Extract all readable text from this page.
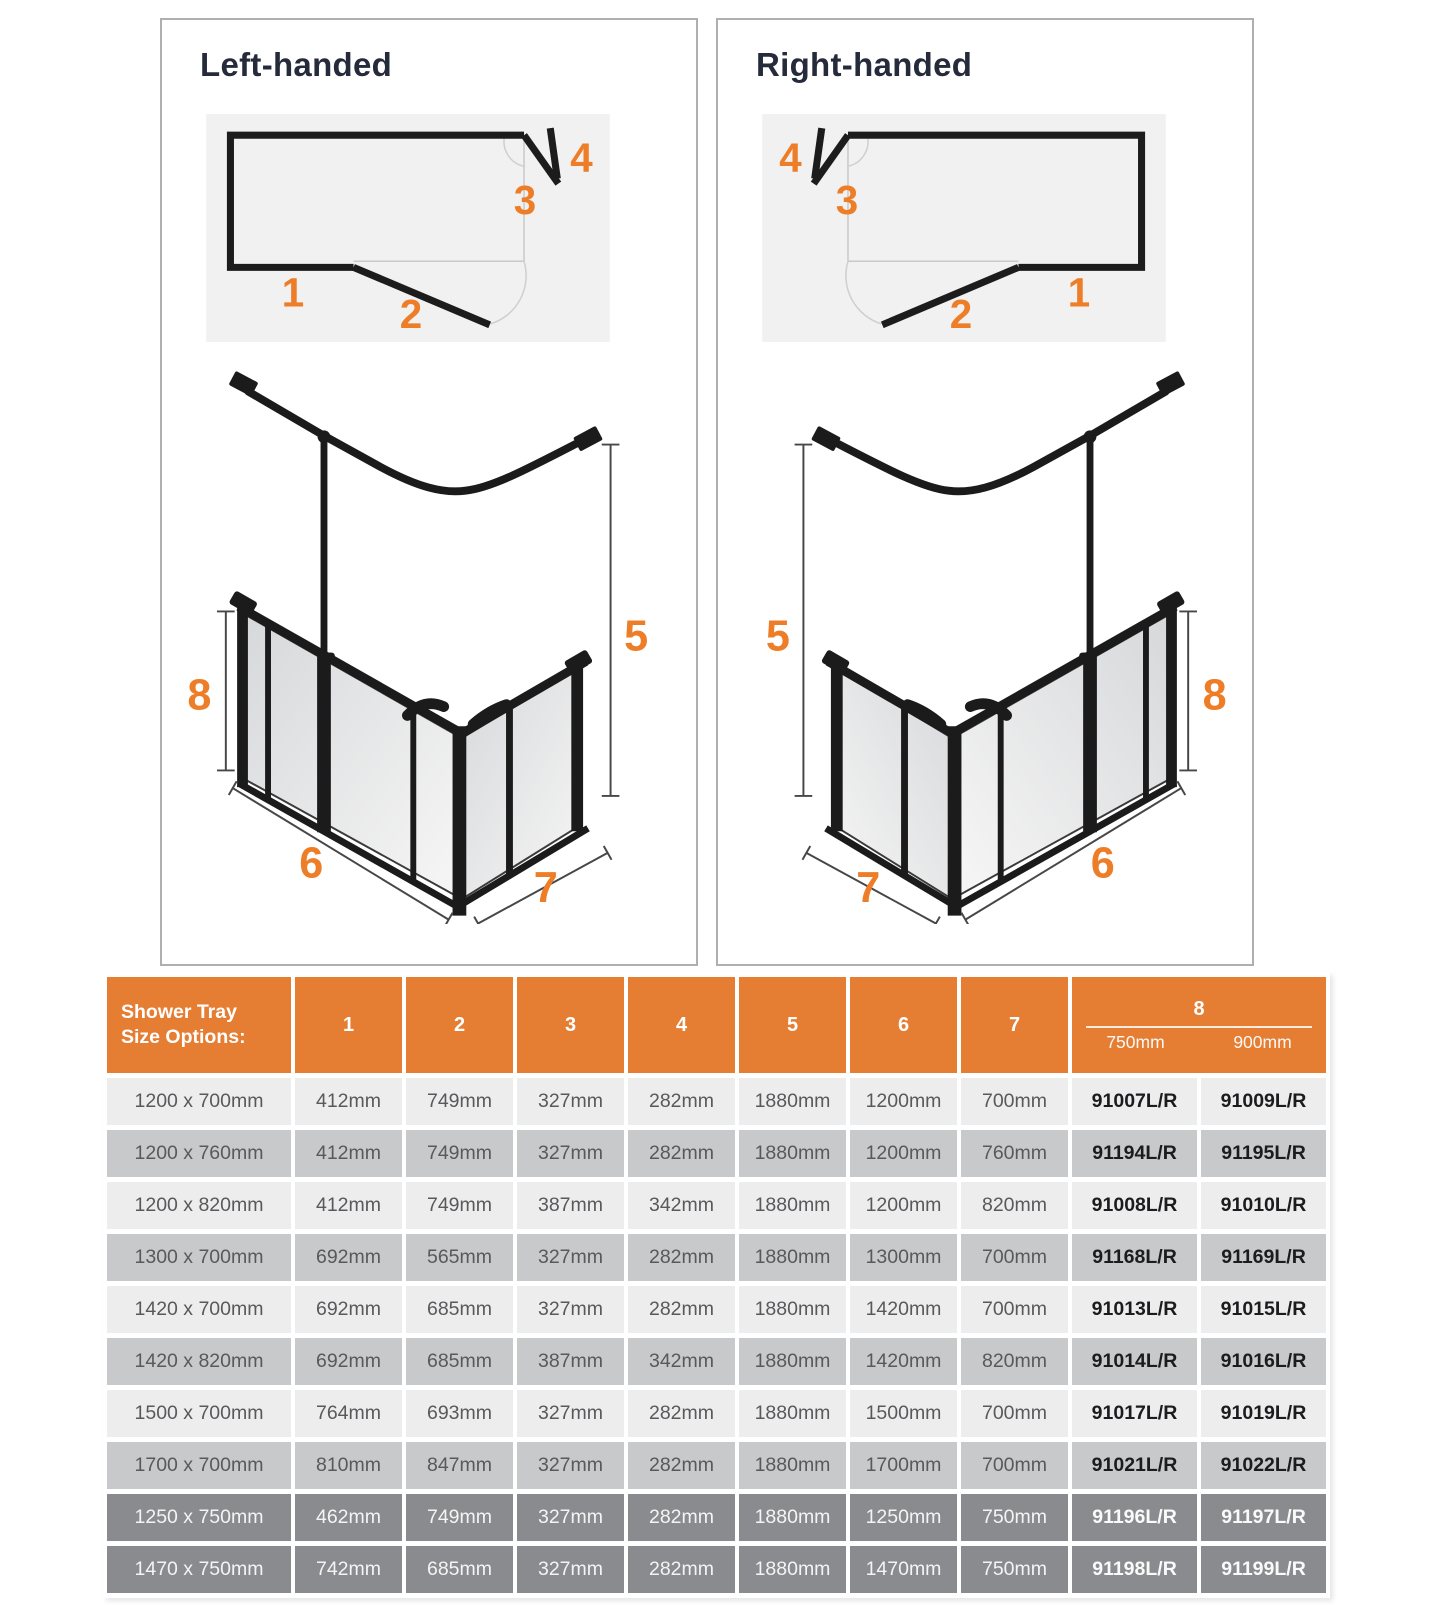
Left-handed
1 2
3
4
5
6
7
8
Right-handed
1
2
3
4
5
6
7
8
Shower Tray
Size Options:
	1	2	3	4	5	6	7	
8
750mm	900mm

1200 x 700mm	412mm	749mm	327mm	282mm	1880mm	1200mm	700mm	91007L/R	91009L/R
1200 x 760mm	412mm	749mm	327mm	282mm	1880mm	1200mm	760mm	91194L/R	91195L/R
1200 x 820mm	412mm	749mm	387mm	342mm	1880mm	1200mm	820mm	91008L/R	91010L/R
1300 x 700mm	692mm	565mm	327mm	282mm	1880mm	1300mm	700mm	91168L/R	91169L/R
1420 x 700mm	692mm	685mm	327mm	282mm	1880mm	1420mm	700mm	91013L/R	91015L/R
1420 x 820mm	692mm	685mm	387mm	342mm	1880mm	1420mm	820mm	91014L/R	91016L/R
1500 x 700mm	764mm	693mm	327mm	282mm	1880mm	1500mm	700mm	91017L/R	91019L/R
1700 x 700mm	810mm	847mm	327mm	282mm	1880mm	1700mm	700mm	91021L/R	91022L/R
1250 x 750mm	462mm	749mm	327mm	282mm	1880mm	1250mm	750mm	91196L/R	91197L/R
1470 x 750mm	742mm	685mm	327mm	282mm	1880mm	1470mm	750mm	91198L/R	91199L/R
